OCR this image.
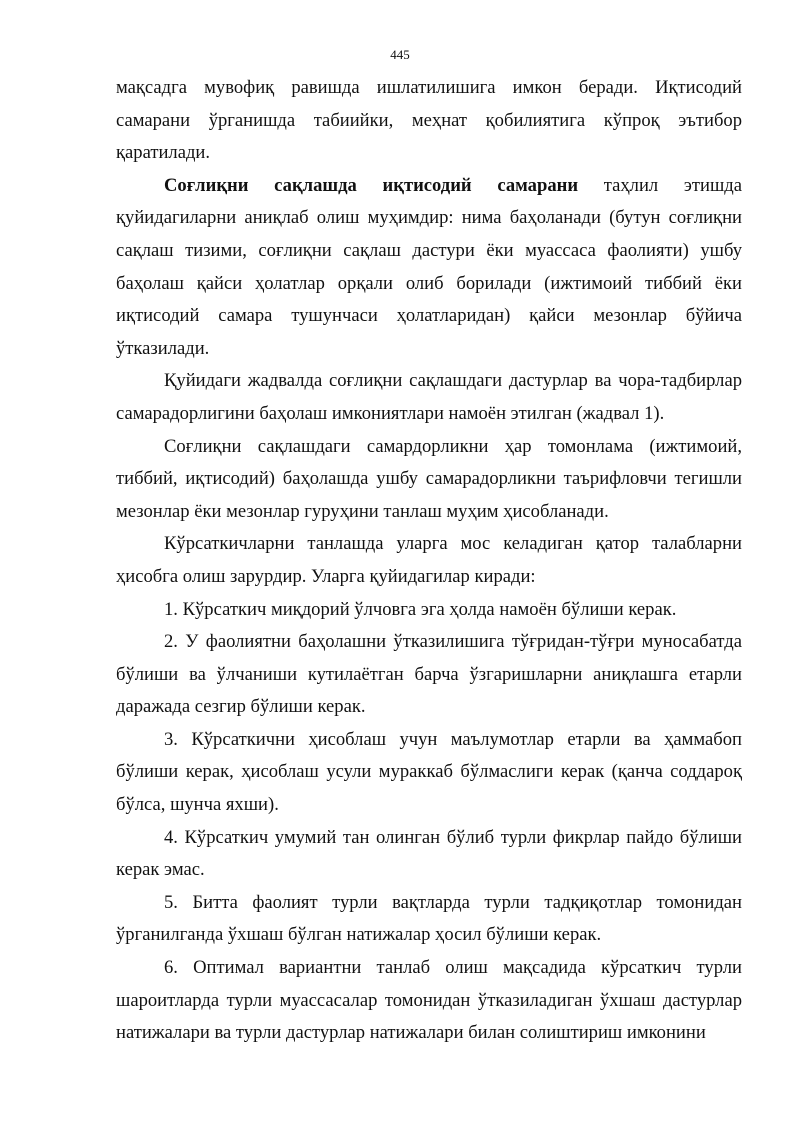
445

мақсадга мувофиқ равишда ишлатилишига имкон беради. Иқтисодий самарани ўрганишда табиийки, меҳнат қобилиятига кўпроқ эътибор қаратилади.

Соғлиқни сақлашда иқтисодий самарани таҳлил этишда қуйидагиларни аниқлаб олиш муҳимдир: нима баҳоланади (бутун соғлиқни сақлаш тизими, соғлиқни сақлаш дастури ёки муассаса фаолияти) ушбу баҳолаш қайси ҳолатлар орқали олиб борилади (ижтимоий тиббий ёки иқтисодий самара тушунчаси ҳолатларидан) қайси мезонлар бўйича ўтказилади.

Қуйидаги жадвалда соғлиқни сақлашдаги дастурлар ва чора-тадбирлар самарадорлигини баҳолаш имкониятлари намоён этилган (жадвал 1).

Соғлиқни сақлашдаги самардорликни ҳар томонлама (ижтимоий, тиббий, иқтисодий) баҳолашда ушбу самарадорликни таърифловчи тегишли мезонлар ёки мезонлар гуруҳини танлаш муҳим ҳисобланади.

Кўрсаткичларни танлашда уларга мос келадиган қатор талабларни ҳисобга олиш зарурдир. Уларга қуйидагилар киради:

1. Кўрсаткич миқдорий ўлчовга эга ҳолда намоён бўлиши керак.

2. У фаолиятни баҳолашни ўтказилишига тўғридан-тўғри муносабатда бўлиши ва ўлчаниши кутилаётган барча ўзгаришларни аниқлашга етарли даражада сезгир бўлиши керак.

3. Кўрсаткични ҳисоблаш учун маълумотлар етарли ва ҳаммабоп бўлиши керак, ҳисоблаш усули мураккаб бўлмаслиги керак (қанча соддароқ бўлса, шунча яхши).

4. Кўрсаткич умумий тан олинган бўлиб турли фикрлар пайдо бўлиши керак эмас.

5. Битта фаолият турли вақтларда турли тадқиқотлар томонидан ўрганилганда ўхшаш бўлган натижалар ҳосил бўлиши керак.

6. Оптимал вариантни танлаб олиш мақсадида кўрсаткич турли шароитларда турли муассасалар томонидан ўтказиладиган ўхшаш дастурлар натижалари ва турли дастурлар натижалари билан солиштириш имконини
